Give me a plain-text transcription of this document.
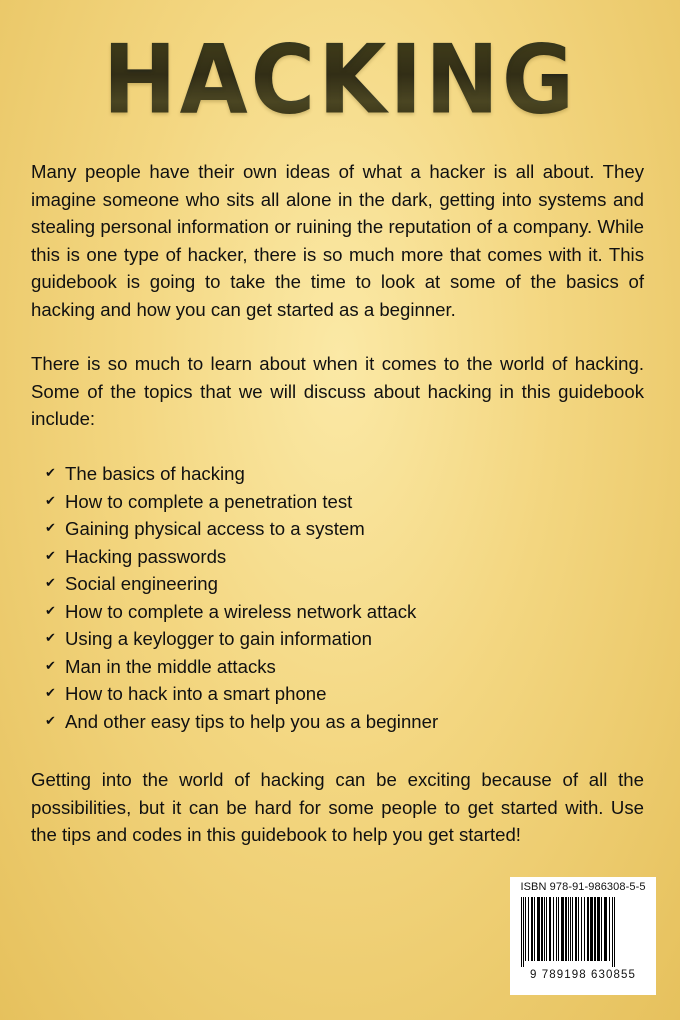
HACKING

Many people have their own ideas of what a hacker is all about. They imagine someone who sits all alone in the dark, getting into systems and stealing personal information or ruining the reputation of a company. While this is one type of hacker, there is so much more that comes with it. This guidebook is going to take the time to look at some of the basics of hacking and how you can get started as a beginner.

There is so much to learn about when it comes to the world of hacking. Some of the topics that we will discuss about hacking in this guidebook include:

✔ The basics of hacking
✔ How to complete a penetration test
✔ Gaining physical access to a system
✔ Hacking passwords
✔ Social engineering
✔ How to complete a wireless network attack
✔ Using a keylogger to gain information
✔ Man in the middle attacks
✔ How to hack into a smart phone
✔ And other easy tips to help you as a beginner

Getting into the world of hacking can be exciting because of all the possibilities, but it can be hard for some people to get started with. Use the tips and codes in this guidebook to help you get started!

ISBN 978-91-986308-5-5
9 789198 630855
